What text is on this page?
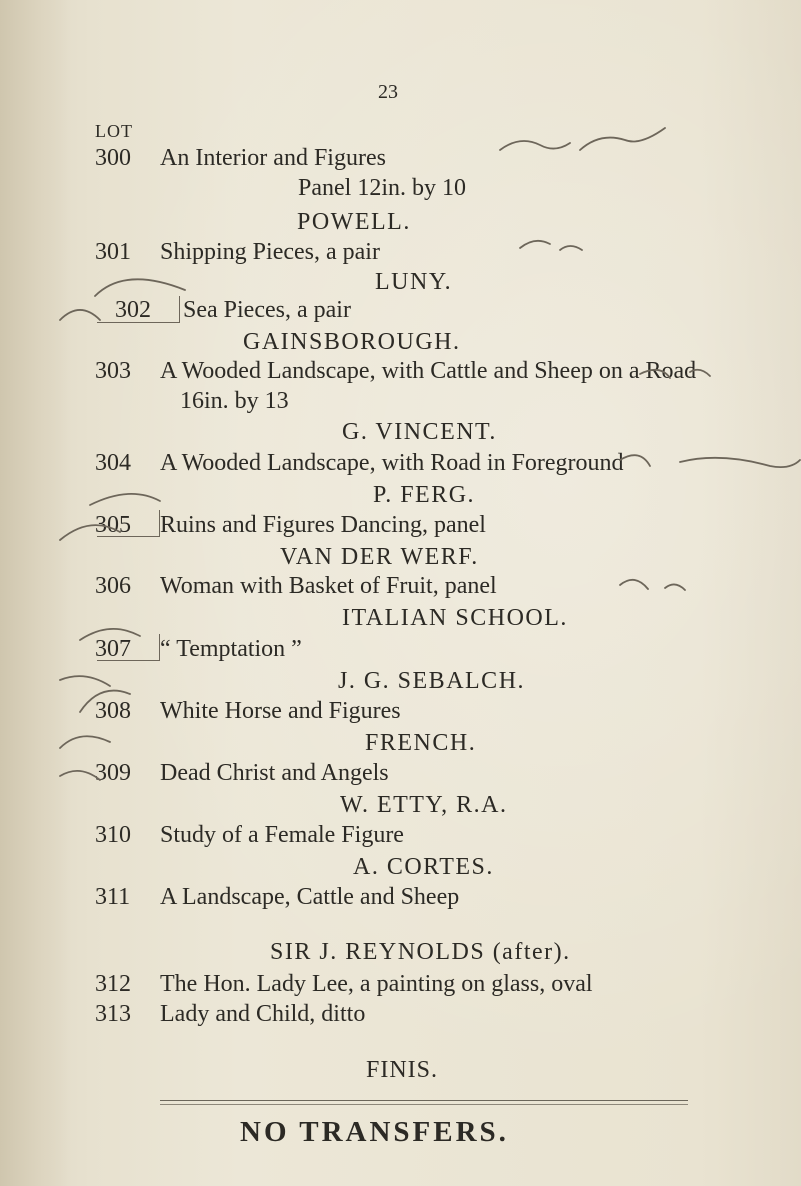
23
LOT
300 An Interior and Figures
Panel 12in. by 10
POWELL.
301 Shipping Pieces, a pair
LUNY.
302 Sea Pieces, a pair
GAINSBOROUGH.
303 A Wooded Landscape, with Cattle and Sheep on a Road
16in. by 13
G. VINCENT.
304 A Wooded Landscape, with Road in Foreground
P. FERG.
305 Ruins and Figures Dancing, panel
VAN DER WERF.
306 Woman with Basket of Fruit, panel
ITALIAN SCHOOL.
307 “ Temptation ”
J. G. SEBALCH.
308 White Horse and Figures
FRENCH.
309 Dead Christ and Angels
W. ETTY, R.A.
310 Study of a Female Figure
A. CORTES.
311 A Landscape, Cattle and Sheep
SIR J. REYNOLDS (after).
312 The Hon. Lady Lee, a painting on glass, oval
313 Lady and Child, ditto
FINIS.
NO TRANSFERS.
